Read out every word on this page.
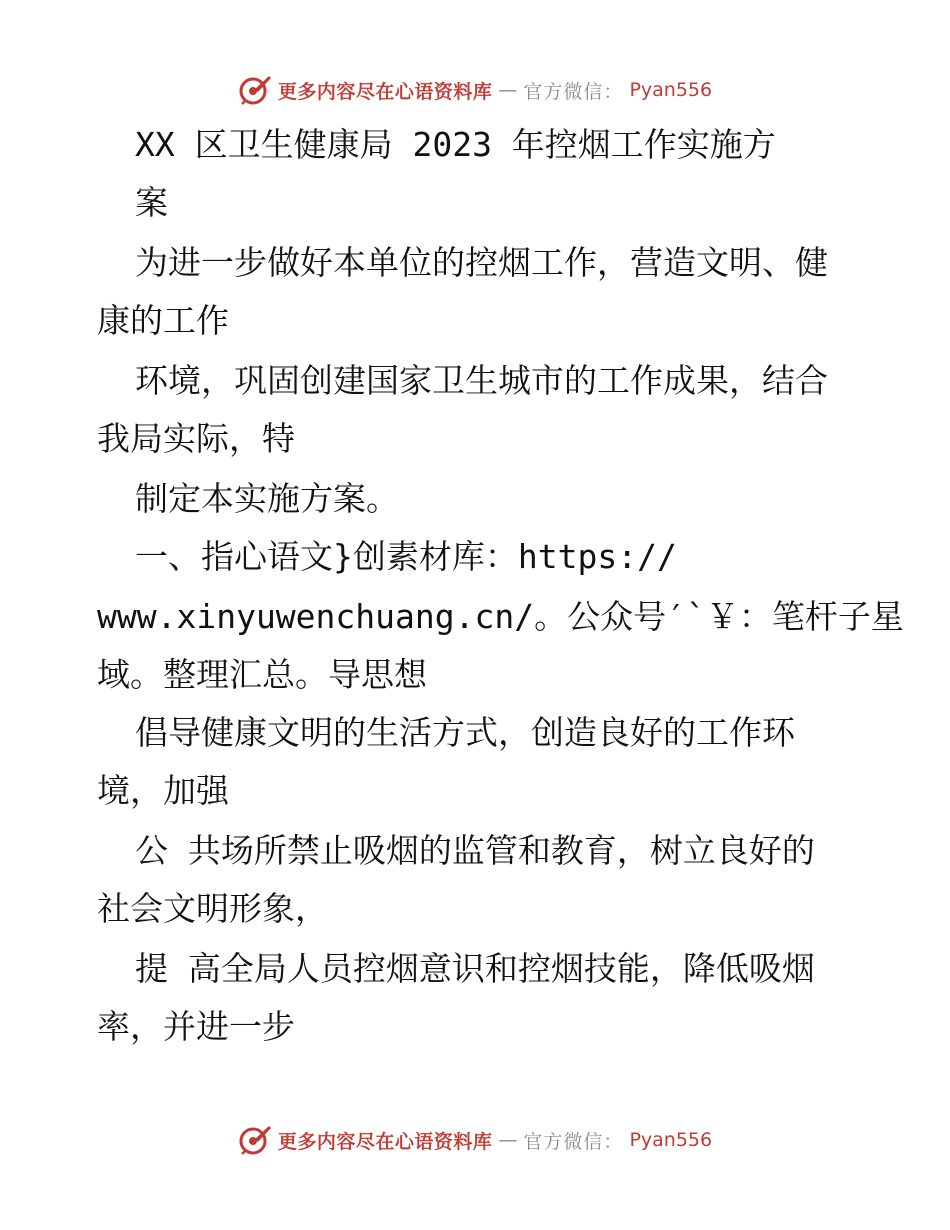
更多内容尽在心语资料库 — 官方微信： Pyan556
XX 区卫生健康局 2023 年控烟工作实施方
案
为进一步做好本单位的控烟工作，营造文明、健
康的工作
环境，巩固创建国家卫生城市的工作成果，结合
我局实际，特
制定本实施方案。
一、指心语文}创素材库：https://
www.xinyuwenchuang.cn/。公众号′`￥：笔杆子星
域。整理汇总。导思想
倡导健康文明的生活方式，创造良好的工作环
境，加强
公 共场所禁止吸烟的监管和教育，树立良好的
社会文明形象，
提 高全局人员控烟意识和控烟技能，降低吸烟
率，并进一步
更多内容尽在心语资料库 — 官方微信： Pyan556
